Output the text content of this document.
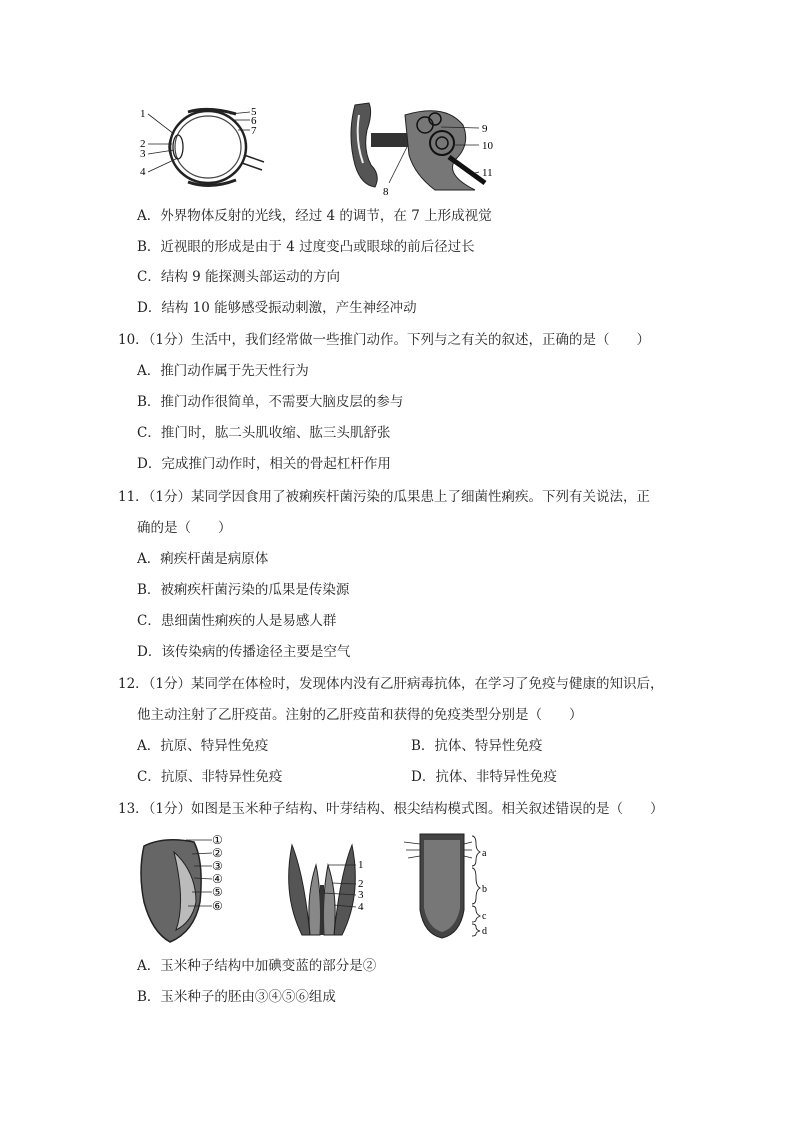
1
2
3
4
5
6
7	9
10
11
8
A．外界物体反射的光线，经过 4 的调节，在 7 上形成视觉
B．近视眼的形成是由于 4 过度变凸或眼球的前后径过长
C．结构 9 能探测头部运动的方向
D．结构 10 能够感受振动刺激，产生神经冲动
10．（1分）生活中，我们经常做一些推门动作。下列与之有关的叙述，正确的是（　　）
A．推门动作属于先天性行为
B．推门动作很简单，不需要大脑皮层的参与
C．推门时，肱二头肌收缩、肱三头肌舒张
D．完成推门动作时，相关的骨起杠杆作用
11．（1分）某同学因食用了被痢疾杆菌污染的瓜果患上了细菌性痢疾。下列有关说法，正
确的是（　　）
A．痢疾杆菌是病原体
B．被痢疾杆菌污染的瓜果是传染源
C．患细菌性痢疾的人是易感人群
D．该传染病的传播途径主要是空气
12．（1分）某同学在体检时，发现体内没有乙肝病毒抗体，在学习了免疫与健康的知识后，
他主动注射了乙肝疫苗。注射的乙肝疫苗和获得的免疫类型分别是（　　）
A．抗原、特异性免疫	B．抗体、特异性免疫
C．抗原、非特异性免疫	D．抗体、非特异性免疫
13．（1分）如图是玉米种子结构、叶芽结构、根尖结构模式图。相关叙述错误的是（　　）
①
②
③
④
⑤
⑥
1
2
3
4
a
b
c
d
A．玉米种子结构中加碘变蓝的部分是②
B．玉米种子的胚由③④⑤⑥组成
